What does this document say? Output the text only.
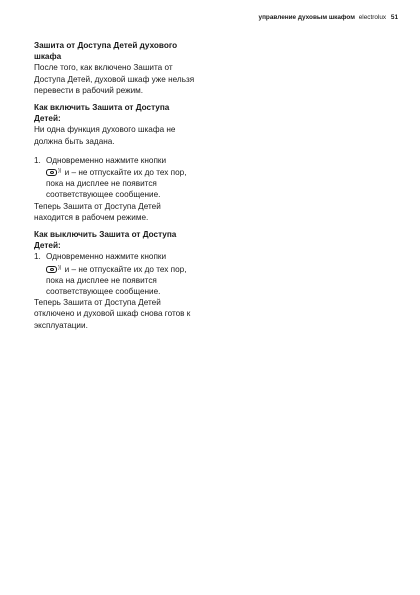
управление духовым шкафом electrolux 51

Зашита от Доступа Детей духового шкафа

После того, как включено Зашита от Доступа Детей, духовой шкаф уже нельзя перевести в рабочий режим.

Как включить Зашита от Доступа Детей:

Ни одна функция духового шкафа не должна быть задана.

1. Одновременно нажмите кнопки
)) и – не отпускайте их до тех пор, пока на дисплее не появится соответствующее сообщение.

Теперь Зашита от Доступа Детей находится в рабочем режиме.

Как выключить Зашита от Доступа Детей:

1. Одновременно нажмите кнопки
)) и – не отпускайте их до тех пор, пока на дисплее не появится соответствующее сообщение.

Теперь Зашита от Доступа Детей отключено и духовой шкаф снова готов к эксплуатации.
